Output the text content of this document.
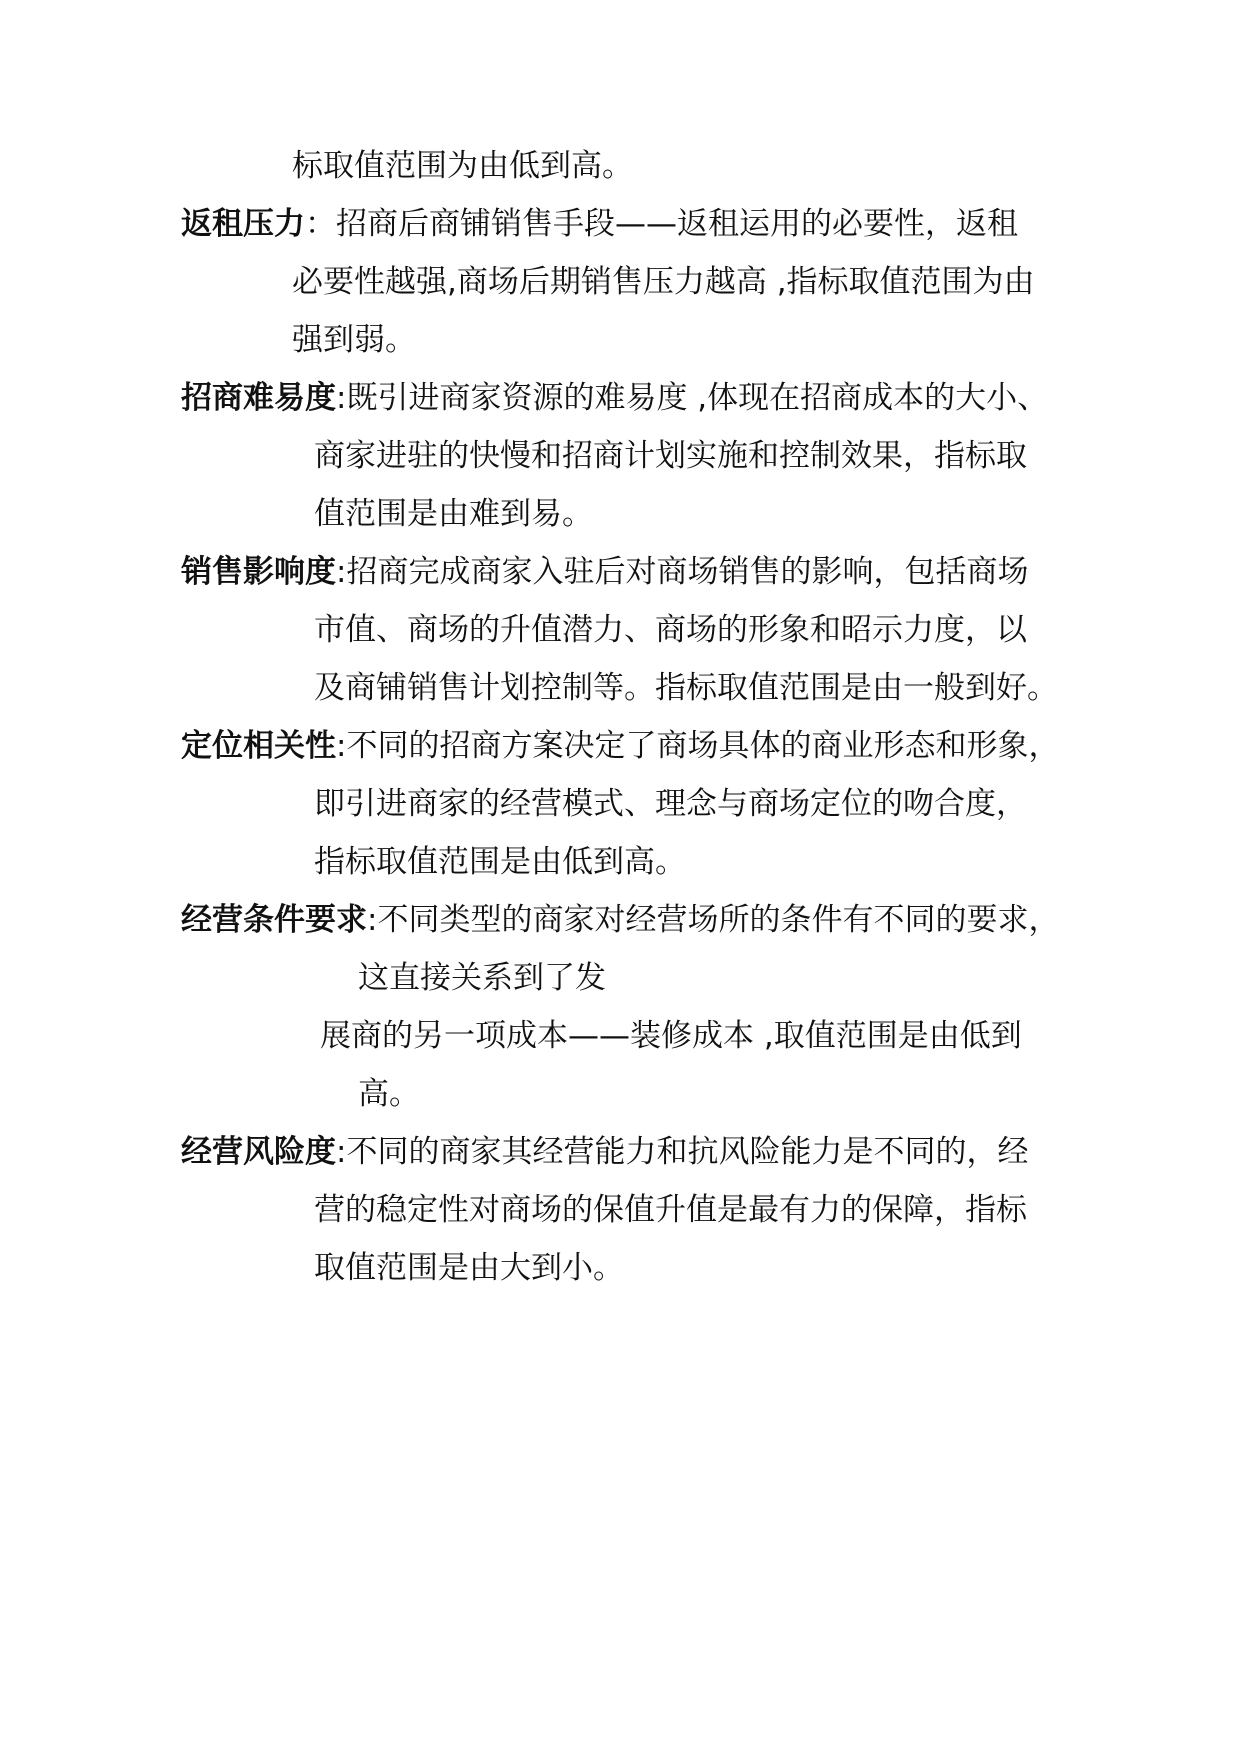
标取值范围为由低到高。
返租压力：招商后商铺销售手段——返租运用的必要性，返租
必要性越强,商场后期销售压力越高 ,指标取值范围为由
强到弱。
招商难易度:既引进商家资源的难易度 ,体现在招商成本的大小、
商家进驻的快慢和招商计划实施和控制效果，指标取
值范围是由难到易。
销售影响度:招商完成商家入驻后对商场销售的影响，包括商场
市值、商场的升值潜力、商场的形象和昭示力度，以
及商铺销售计划控制等。指标取值范围是由一般到好。
定位相关性:不同的招商方案决定了商场具体的商业形态和形象，
即引进商家的经营模式、理念与商场定位的吻合度，
指标取值范围是由低到高。
经营条件要求:不同类型的商家对经营场所的条件有不同的要求，
这直接关系到了发
展商的另一项成本——装修成本 ,取值范围是由低到
高。
经营风险度:不同的商家其经营能力和抗风险能力是不同的，经
营的稳定性对商场的保值升值是最有力的保障，指标
取值范围是由大到小。
